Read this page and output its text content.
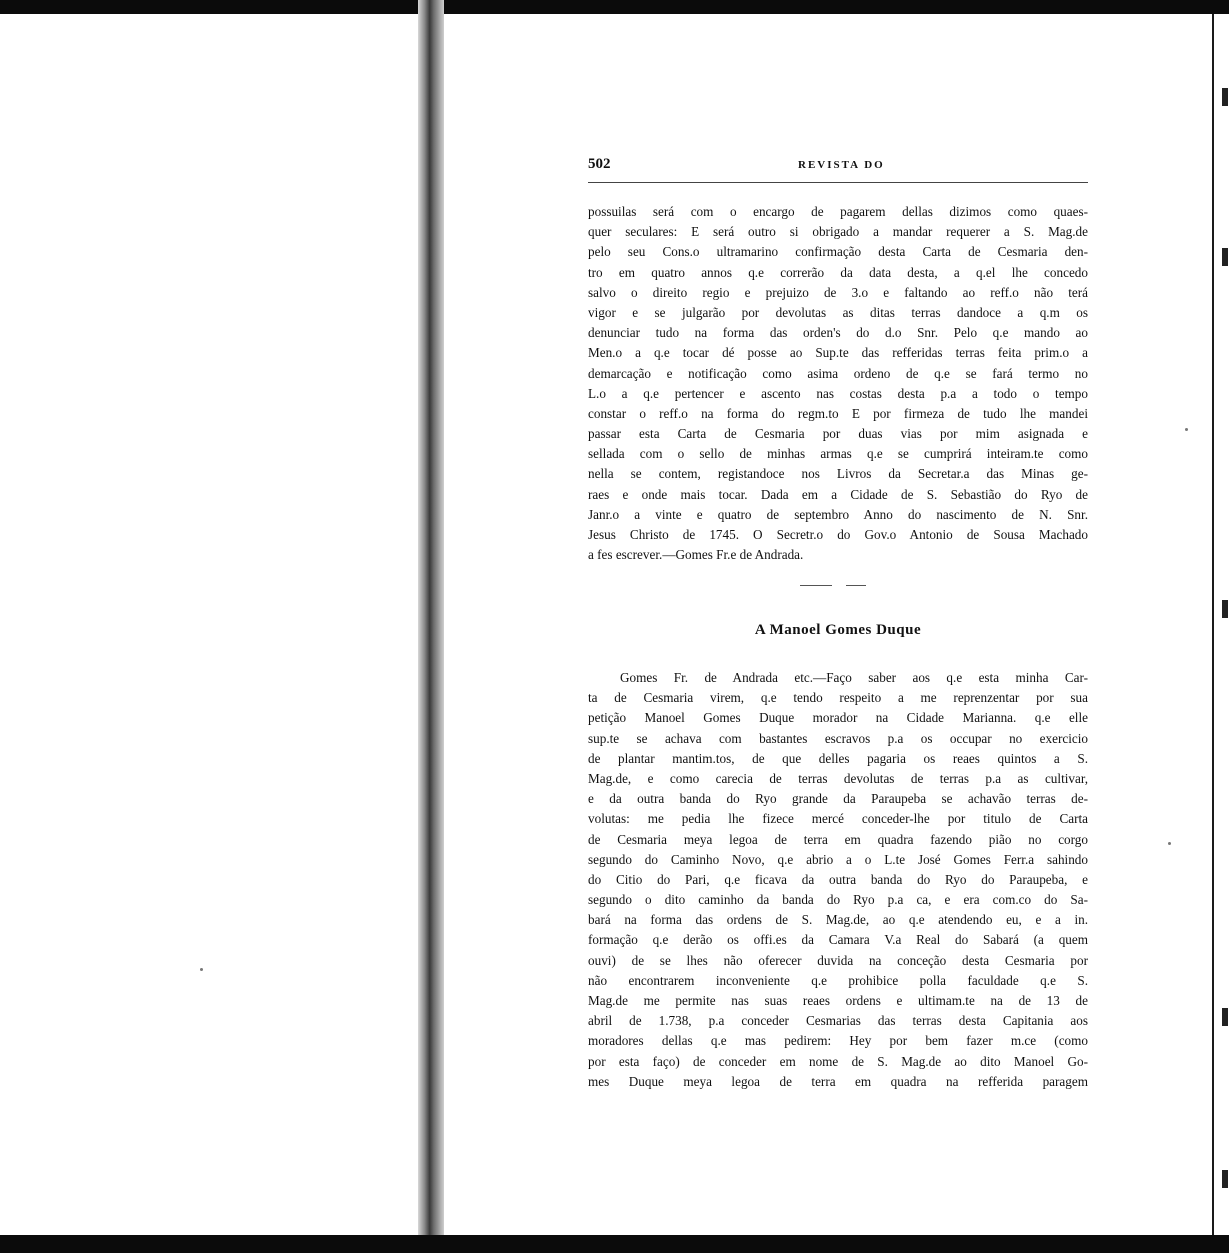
502	REVISTA DO
possuilas será com o encargo de pagarem dellas dizimos como quaes-
quer seculares: E será outro si obrigado a mandar requerer a S. Mag.de
pelo seu Cons.o ultramarino confirmação desta Carta de Cesmaria den-
tro em quatro annos q.e correrão da data desta, a q.el lhe concedo
salvo o direito regio e prejuizo de 3.o e faltando ao reff.o não terá
vigor e se julgarão por devolutas as ditas terras dandoce a q.m os
denunciar tudo na forma das orden's do d.o Snr. Pelo q.e mando ao
Men.o a q.e tocar dé posse ao Sup.te das refferidas terras feita prim.o a
demarcação e notificação como asima ordeno de q.e se fará termo no
L.o a q.e pertencer e ascento nas costas desta p.a a todo o tempo
constar o reff.o na forma do regm.to E por firmeza de tudo lhe mandei
passar esta Carta de Cesmaria por duas vias por mim asignada e
sellada com o sello de minhas armas q.e se cumprirá inteiram.te como
nella se contem, registandoce nos Livros da Secretar.a das Minas ge-
raes e onde mais tocar. Dada em a Cidade de S. Sebastião do Ryo de
Janr.o a vinte e quatro de septembro Anno do nascimento de N. Snr.
Jesus Christo de 1745. O Secretr.o do Gov.o Antonio de Sousa Machado
a fes escrever.—Gomes Fr.e de Andrada.
A Manoel Gomes Duque
Gomes Fr. de Andrada etc.—Faço saber aos q.e esta minha Car-
ta de Cesmaria virem, q.e tendo respeito a me reprenzentar por sua
petição Manoel Gomes Duque morador na Cidade Marianna. q.e elle
sup.te se achava com bastantes escravos p.a os occupar no exercicio
de plantar mantim.tos, de que delles pagaria os reaes quintos a S.
Mag.de, e como carecia de terras devolutas de terras p.a as cultivar,
e da outra banda do Ryo grande da Paraupeba se achavão terras de-
volutas: me pedia lhe fizece mercé conceder-lhe por titulo de Carta
de Cesmaria meya legoa de terra em quadra fazendo pião no corgo
segundo do Caminho Novo, q.e abrio a o L.te José Gomes Ferr.a sahindo
do Citio do Pari, q.e ficava da outra banda do Ryo do Paraupeba, e
segundo o dito caminho da banda do Ryo p.a ca, e era com.co do Sa-
bará na forma das ordens de S. Mag.de, ao q.e atendendo eu, e a in.
formação q.e derão os offi.es da Camara V.a Real do Sabará (a quem
ouvi) de se lhes não oferecer duvida na conceção desta Cesmaria por
não encontrarem inconveniente q.e prohibice polla faculdade q.e S.
Mag.de me permite nas suas reaes ordens e ultimam.te na de 13 de
abril de 1.738, p.a conceder Cesmarias das terras desta Capitania aos
moradores dellas q.e mas pedirem: Hey por bem fazer m.ce (como
por esta faço) de conceder em nome de S. Mag.de ao dito Manoel Go-
mes Duque meya legoa de terra em quadra na refferida paragem
